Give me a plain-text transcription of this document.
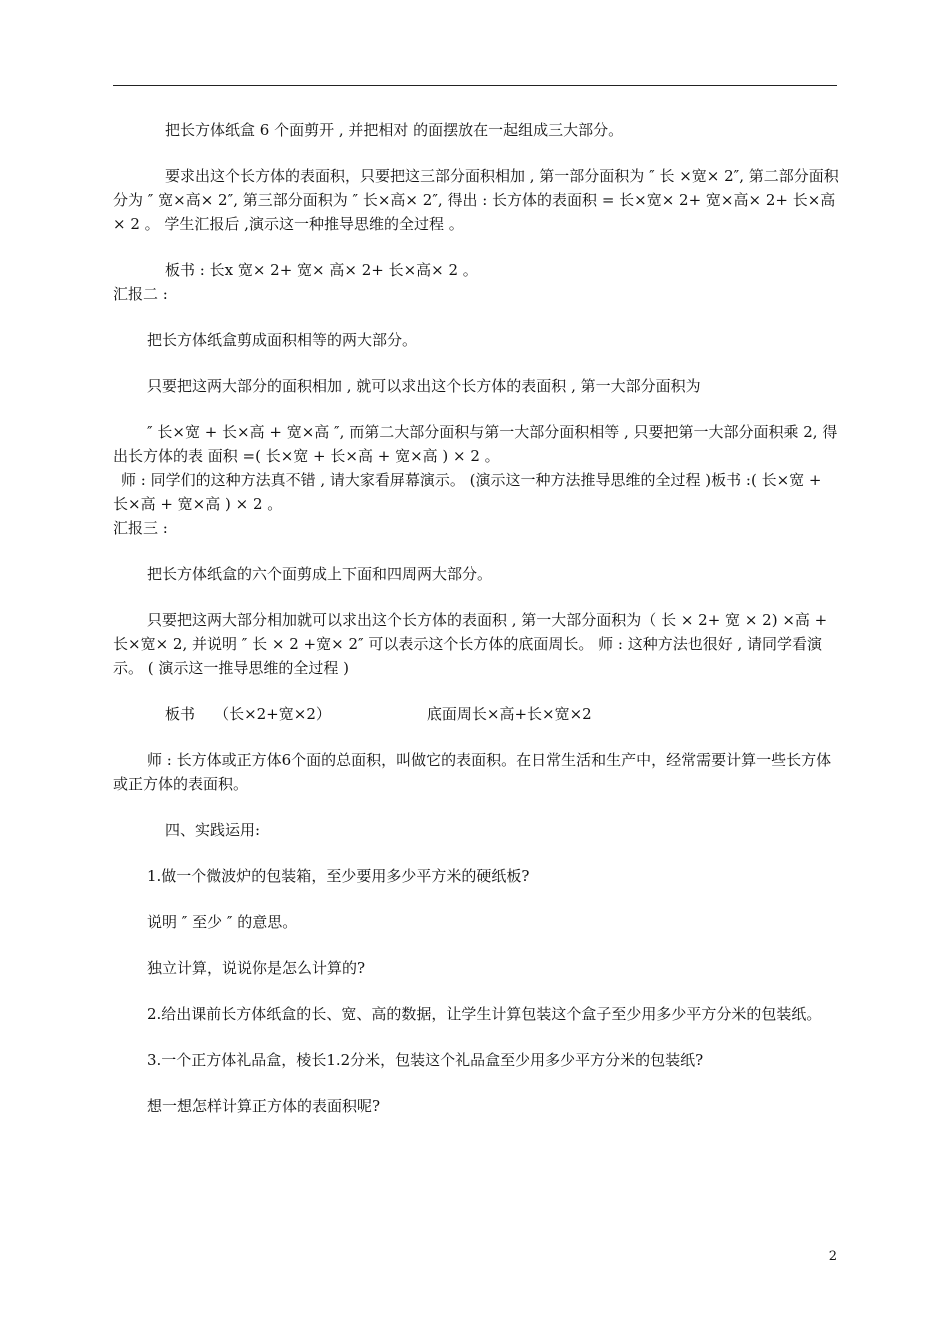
把长方体纸盒 6 个面剪开 , 并把相对 的面摆放在一起组成三大部分。

要求出这个长方体的表面积，只要把这三部分面积相加 , 第一部分面积为 ″ 长 ×宽× 2″, 第二部分面积分为 ″ 宽×高× 2″, 第三部分面积为 ″ 长×高× 2″, 得出 : 长方体的表面积 = 长×宽× 2+ 宽×高× 2+ 长×高× 2 。 学生汇报后 ,演示这一种推导思维的全过程 。

板书 : 长x 宽× 2+ 宽× 高× 2+ 长×高× 2 。

汇报二 :

把长方体纸盒剪成面积相等的两大部分。

只要把这两大部分的面积相加 , 就可以求出这个长方体的表面积 , 第一大部分面积为

″ 长×宽 + 长×高 + 宽×高 ″, 而第二大部分面积与第一大部分面积相等 , 只要把第一大部分面积乘 2, 得出长方体的表 面积 =( 长×宽 + 长×高 + 宽×高 ) × 2 。

师 : 同学们的这种方法真不错 , 请大家看屏幕演示。 (演示这一种方法推导思维的全过程 )板书 :( 长×宽 + 长×高 + 宽×高 ) × 2 。

汇报三 :

把长方体纸盒的六个面剪成上下面和四周两大部分。

只要把这两大部分相加就可以求出这个长方体的表面积 , 第一大部分面积为（ 长 × 2+ 宽 × 2) ×高 + 长×宽× 2, 并说明 ″ 长 × 2 +宽× 2″ 可以表示这个长方体的底面周长。 师 : 这种方法也很好 , 请同学看演示。 ( 演示这一推导思维的全过程 )

板书    （长×2+宽×2）	底面周长×高+长×宽×2

师 : 长方体或正方体6个面的总面积，叫做它的表面积。在日常生活和生产中，经常需要计算一些长方体或正方体的表面积。

四、实践运用:

1.做一个微波炉的包装箱，至少要用多少平方米的硬纸板?

说明 ″ 至少 ″ 的意思。

独立计算，说说你是怎么计算的?

2.给出课前长方体纸盒的长、宽、高的数据，让学生计算包装这个盒子至少用多少平方分米的包装纸。

3.一个正方体礼品盒，棱长1.2分米，包装这个礼品盒至少用多少平方分米的包装纸?

想一想怎样计算正方体的表面积呢?

2
